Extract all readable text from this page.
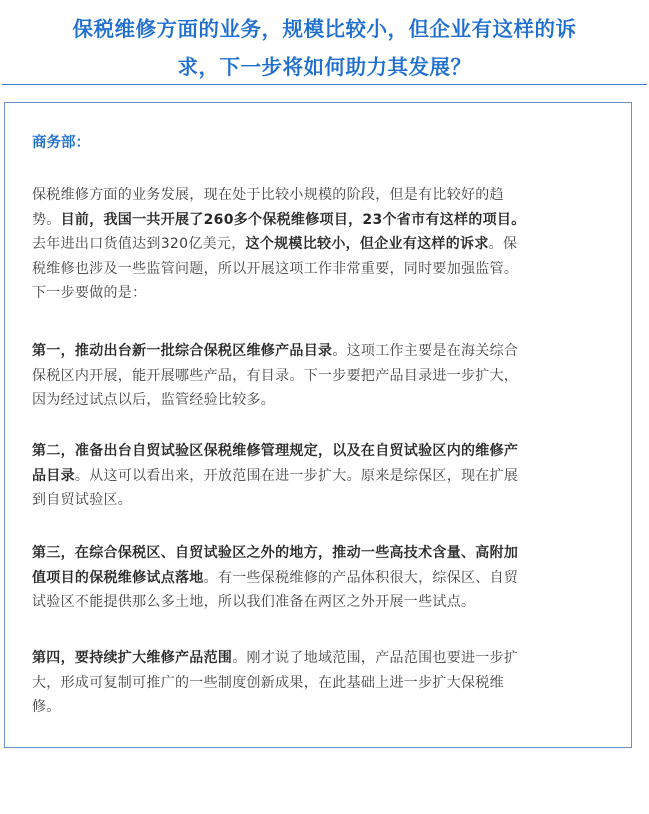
保税维修方面的业务，规模比较小，但企业有这样的诉
求，下一步将如何助力其发展？
商务部：
保税维修方面的业务发展，现在处于比较小规模的阶段，但是有比较好的趋
势。目前，我国一共开展了260多个保税维修项目，23个省市有这样的项目。
去年进出口货值达到320亿美元，这个规模比较小，但企业有这样的诉求。保
税维修也涉及一些监管问题，所以开展这项工作非常重要，同时要加强监管。
下一步要做的是：
第一，推动出台新一批综合保税区维修产品目录。这项工作主要是在海关综合
保税区内开展，能开展哪些产品，有目录。下一步要把产品目录进一步扩大，
因为经过试点以后，监管经验比较多。
第二，准备出台自贸试验区保税维修管理规定，以及在自贸试验区内的维修产
品目录。从这可以看出来，开放范围在进一步扩大。原来是综保区，现在扩展
到自贸试验区。
第三，在综合保税区、自贸试验区之外的地方，推动一些高技术含量、高附加
值项目的保税维修试点落地。有一些保税维修的产品体积很大，综保区、自贸
试验区不能提供那么多土地，所以我们准备在两区之外开展一些试点。
第四，要持续扩大维修产品范围。刚才说了地域范围，产品范围也要进一步扩
大，形成可复制可推广的一些制度创新成果，在此基础上进一步扩大保税维
修。
